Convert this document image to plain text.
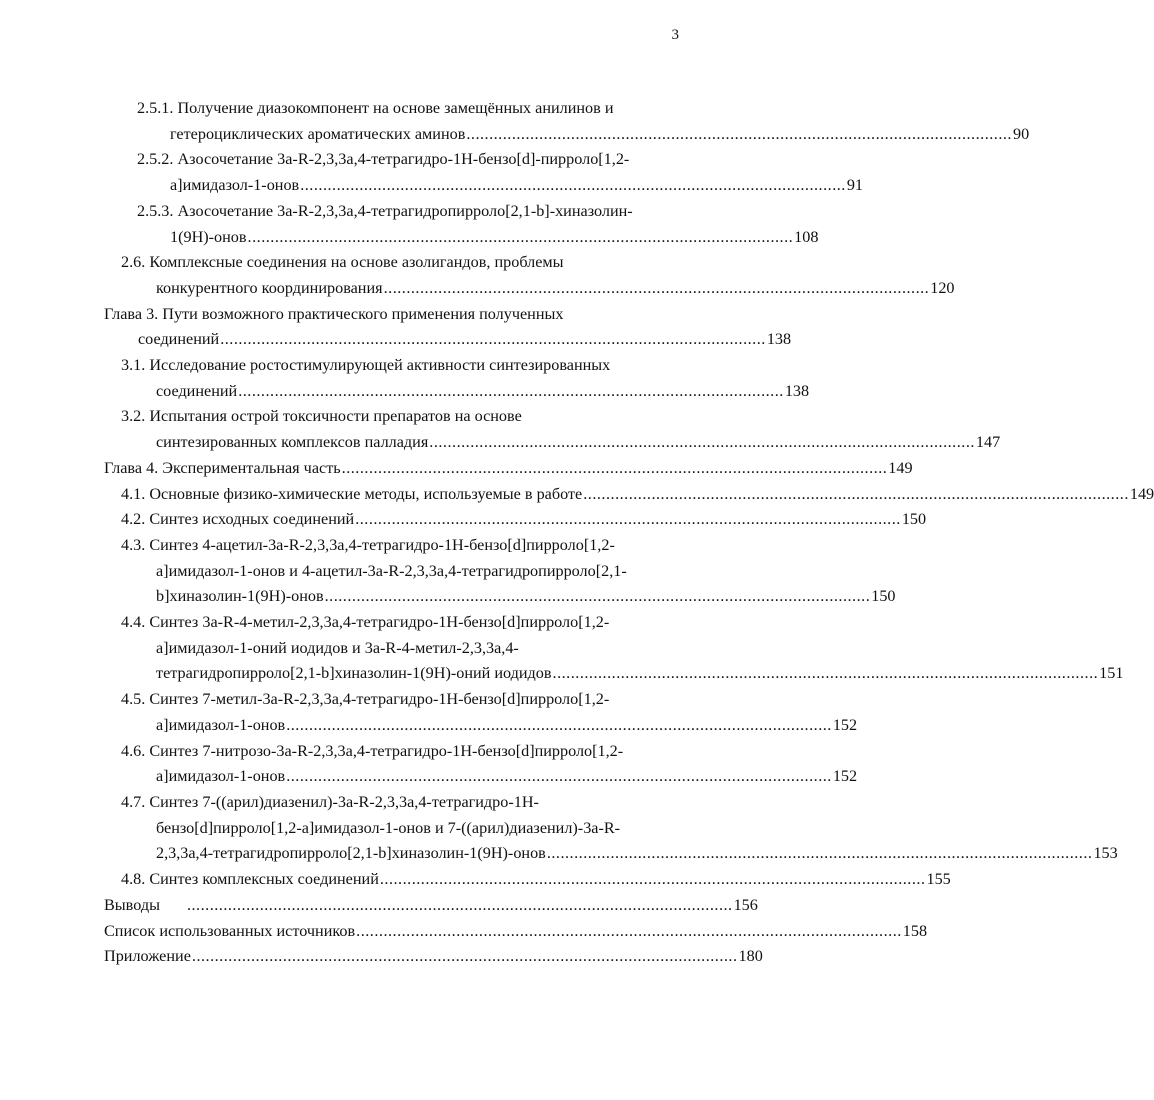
3
2.5.1. Получение диазокомпонент на основе замещённых анилинов и
гетероциклических ароматических аминов ........................................................................................................................ 90
2.5.2. Азосочетание 3a-R-2,3,3a,4-тетрагидро-1H-бензо[d]-пирроло[1,2-
a]имидазол-1-онов ........................................................................................................................ 91
2.5.3. Азосочетание 3a-R-2,3,3a,4-тетрагидропирроло[2,1-b]-хиназолин-
1(9H)-онов ........................................................................................................................ 108
2.6. Комплексные соединения на основе азолигандов, проблемы
конкурентного координирования ........................................................................................................................ 120
Глава 3. Пути возможного практического применения полученных
соединений ........................................................................................................................ 138
3.1. Исследование ростостимулирующей активности синтезированных
соединений ........................................................................................................................ 138
3.2. Испытания острой токсичности препаратов на основе
синтезированных комплексов палладия ........................................................................................................................ 147
Глава 4. Экспериментальная часть ........................................................................................................................ 149
4.1. Основные физико-химические методы, используемые в работе ........................................................................................................................ 149
4.2. Синтез исходных соединений ........................................................................................................................ 150
4.3. Синтез 4-ацетил-3a-R-2,3,3a,4-тетрагидро-1H-бензо[d]пирроло[1,2-
a]имидазол-1-онов и 4-ацетил-3a-R-2,3,3a,4-тетрагидропирроло[2,1-
b]хиназолин-1(9H)-онов ........................................................................................................................ 150
4.4. Синтез 3a-R-4-метил-2,3,3a,4-тетрагидро-1H-бензо[d]пирроло[1,2-
a]имидазол-1-оний иодидов и 3a-R-4-метил-2,3,3a,4-
тетрагидропирроло[2,1-b]хиназолин-1(9H)-оний иодидов ........................................................................................................................ 151
4.5. Синтез 7-метил-3a-R-2,3,3a,4-тетрагидро-1H-бензо[d]пирроло[1,2-
a]имидазол-1-онов ........................................................................................................................ 152
4.6. Синтез 7-нитрозо-3a-R-2,3,3a,4-тетрагидро-1H-бензо[d]пирроло[1,2-
a]имидазол-1-онов ........................................................................................................................ 152
4.7. Синтез 7-((арил)диазенил)-3a-R-2,3,3a,4-тетрагидро-1H-
бензо[d]пирроло[1,2-a]имидазол-1-онов и 7-((арил)диазенил)-3a-R-
2,3,3a,4-тетрагидропирроло[2,1-b]хиназолин-1(9H)-онов ........................................................................................................................ 153
4.8. Синтез комплексных соединений ........................................................................................................................ 155
Выводы ........................................................................................................................ 156
Список использованных источников ........................................................................................................................ 158
Приложение ........................................................................................................................ 180
